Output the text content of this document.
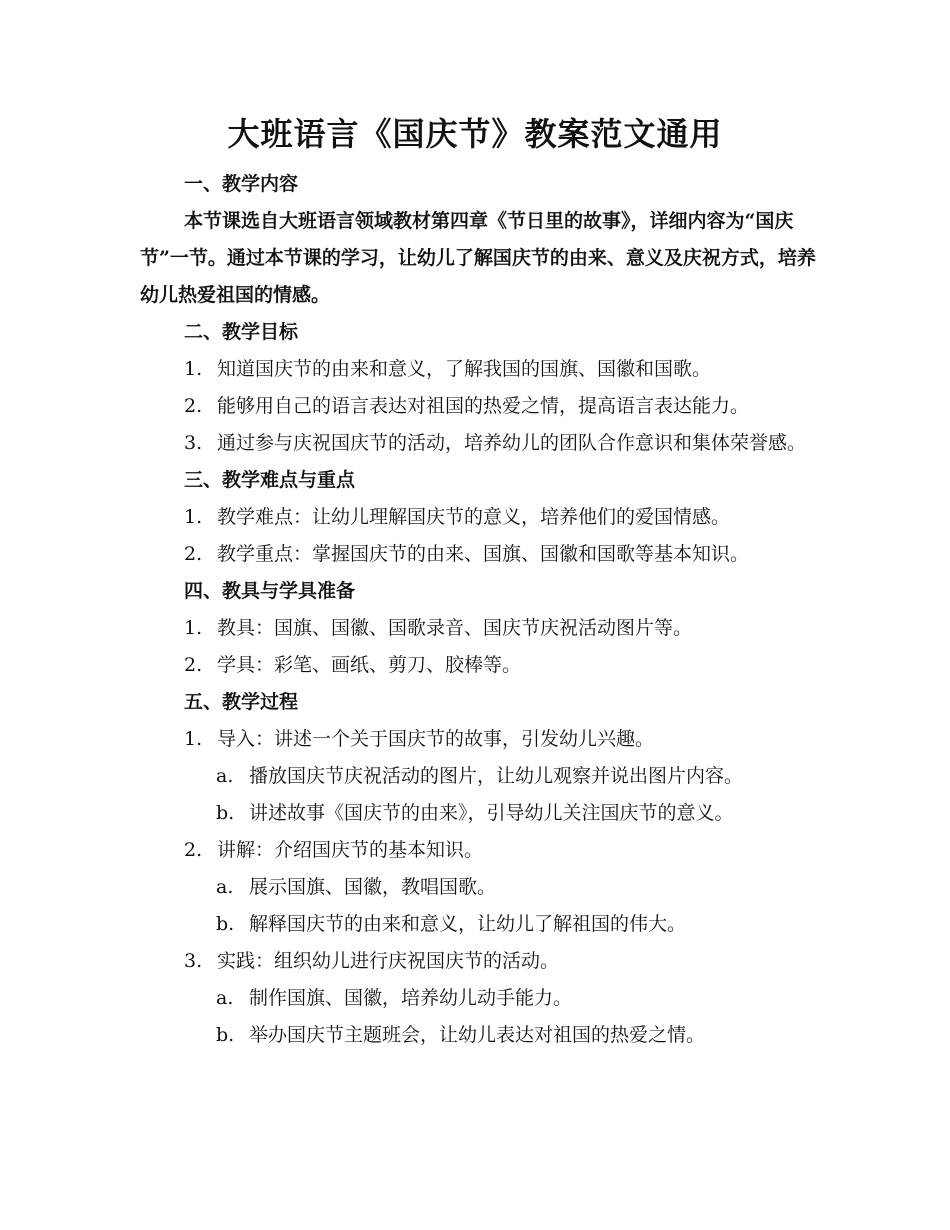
大班语言《国庆节》教案范文通用
一、教学内容
本节课选自大班语言领域教材第四章《节日里的故事》，详细内容为“国庆节”一节。通过本节课的学习，让幼儿了解国庆节的由来、意义及庆祝方式，培养幼儿热爱祖国的情感。
二、教学目标
1. 知道国庆节的由来和意义，了解我国的国旗、国徽和国歌。
2. 能够用自己的语言表达对祖国的热爱之情，提高语言表达能力。
3. 通过参与庆祝国庆节的活动，培养幼儿的团队合作意识和集体荣誉感。
三、教学难点与重点
1. 教学难点：让幼儿理解国庆节的意义，培养他们的爱国情感。
2. 教学重点：掌握国庆节的由来、国旗、国徽和国歌等基本知识。
四、教具与学具准备
1. 教具：国旗、国徽、国歌录音、国庆节庆祝活动图片等。
2. 学具：彩笔、画纸、剪刀、胶棒等。
五、教学过程
1. 导入：讲述一个关于国庆节的故事，引发幼儿兴趣。
a. 播放国庆节庆祝活动的图片，让幼儿观察并说出图片内容。
b. 讲述故事《国庆节的由来》，引导幼儿关注国庆节的意义。
2. 讲解：介绍国庆节的基本知识。
a. 展示国旗、国徽，教唱国歌。
b. 解释国庆节的由来和意义，让幼儿了解祖国的伟大。
3. 实践：组织幼儿进行庆祝国庆节的活动。
a. 制作国旗、国徽，培养幼儿动手能力。
b. 举办国庆节主题班会，让幼儿表达对祖国的热爱之情。
